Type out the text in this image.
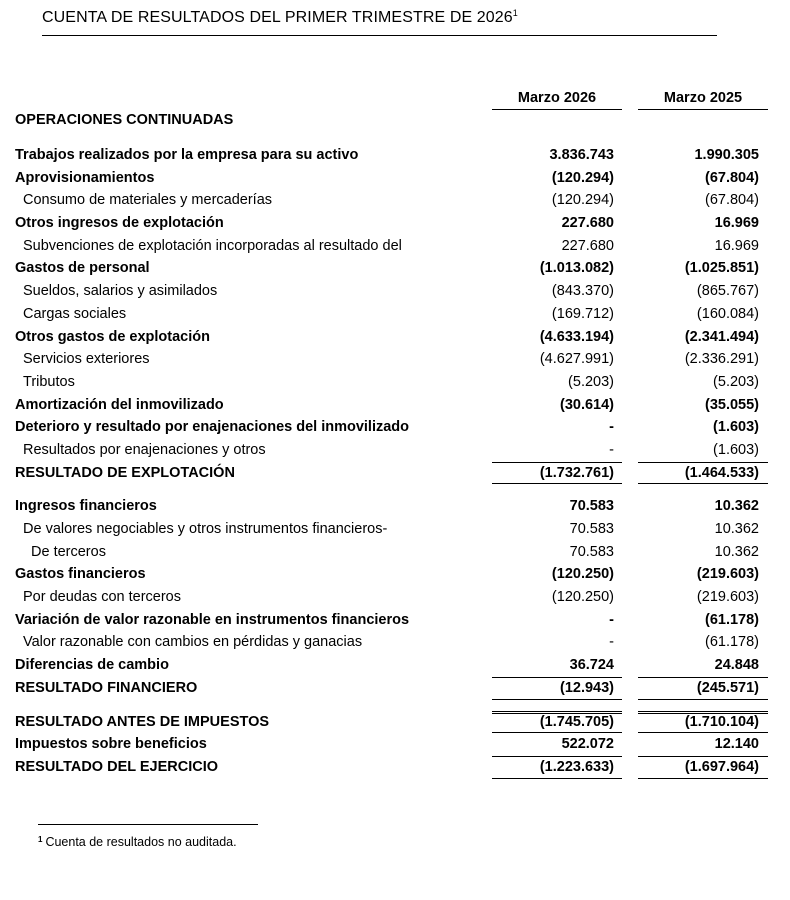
CUENTA DE RESULTADOS DEL PRIMER TRIMESTRE DE 2026$^1$
Marzo 2026	Marzo 2025
OPERACIONES CONTINUADAS
Trabajos realizados por la empresa para su activo	3.836.743	1.990.305
Aprovisionamientos	(120.294)	(67.804)
Consumo de materiales y mercaderías	(120.294)	(67.804)
Otros ingresos de explotación	227.680	16.969
Subvenciones de explotación incorporadas al resultado del	227.680	16.969
Gastos de personal	(1.013.082)	(1.025.851)
Sueldos, salarios y asimilados	(843.370)	(865.767)
Cargas sociales	(169.712)	(160.084)
Otros gastos de explotación	(4.633.194)	(2.341.494)
Servicios exteriores	(4.627.991)	(2.336.291)
Tributos	(5.203)	(5.203)
Amortización del inmovilizado	(30.614)	(35.055)
Deterioro y resultado por enajenaciones del inmovilizado	-	(1.603)
Resultados por enajenaciones y otros	-	(1.603)
RESULTADO DE EXPLOTACIÓN	(1.732.761)	(1.464.533)
Ingresos financieros	70.583	10.362
De valores negociables y otros instrumentos financieros-	70.583	10.362
De terceros	70.583	10.362
Gastos financieros	(120.250)	(219.603)
Por deudas con terceros	(120.250)	(219.603)
Variación de valor razonable en instrumentos financieros	-	(61.178)
Valor razonable con cambios en pérdidas y ganacias	-	(61.178)
Diferencias de cambio	36.724	24.848
RESULTADO FINANCIERO	(12.943)	(245.571)
RESULTADO ANTES DE IMPUESTOS	(1.745.705)	(1.710.104)
Impuestos sobre beneficios	522.072	12.140
RESULTADO DEL EJERCICIO	(1.223.633)	(1.697.964)
$^1$ Cuenta de resultados no auditada.
